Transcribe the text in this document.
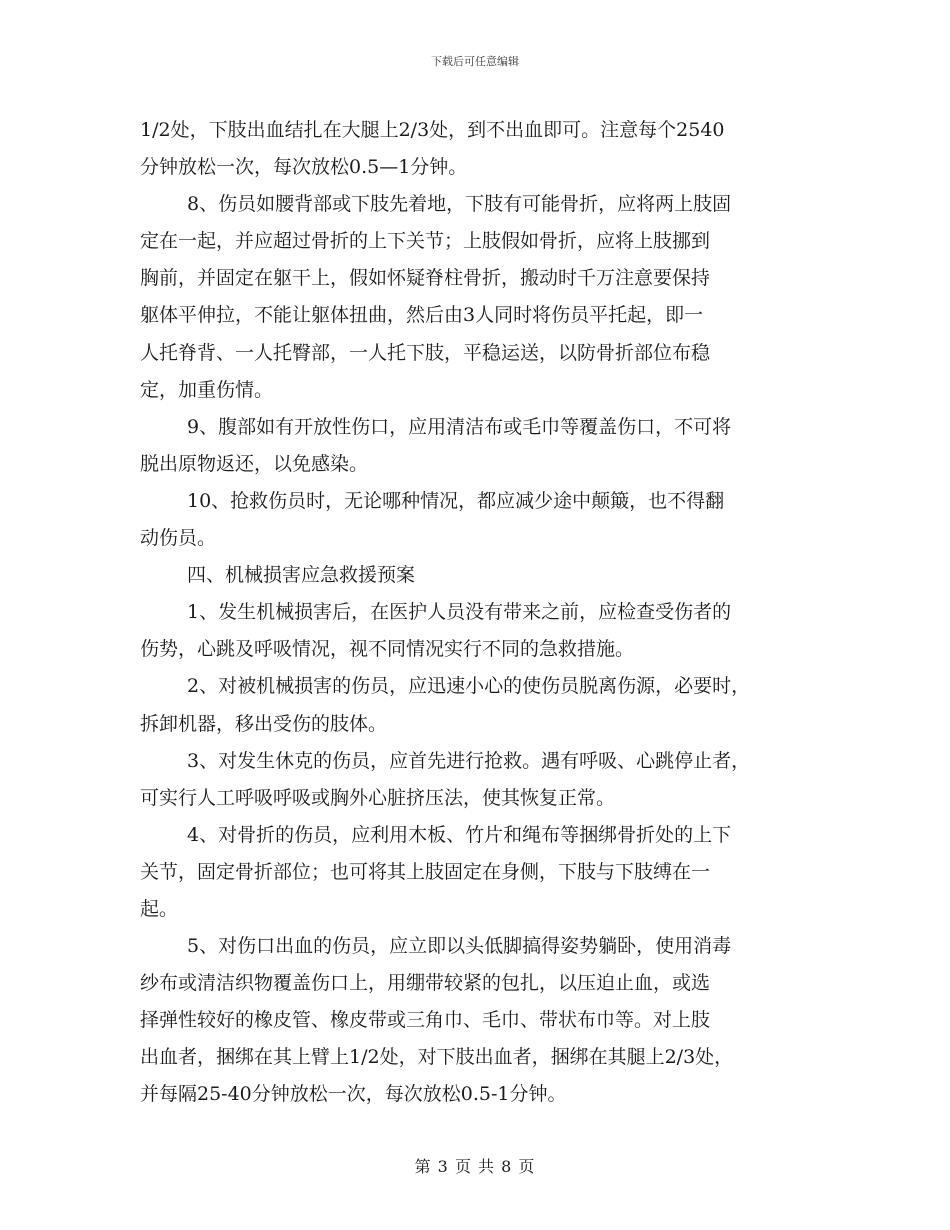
下载后可任意编辑
1/2处，下肢出血结扎在大腿上2/3处，到不出血即可。注意每个2540
分钟放松一次，每次放松0.5—1分钟。
8、伤员如腰背部或下肢先着地，下肢有可能骨折，应将两上肢固
定在一起，并应超过骨折的上下关节；上肢假如骨折，应将上肢挪到
胸前，并固定在躯干上，假如怀疑脊柱骨折，搬动时千万注意要保持
躯体平伸拉，不能让躯体扭曲，然后由3人同时将伤员平托起，即一
人托脊背、一人托臀部，一人托下肢，平稳运送，以防骨折部位布稳
定，加重伤情。
9、腹部如有开放性伤口，应用清洁布或毛巾等覆盖伤口，不可将
脱出原物返还，以免感染。
10、抢救伤员时，无论哪种情况，都应减少途中颠簸，也不得翻
动伤员。
四、机械损害应急救援预案
1、发生机械损害后，在医护人员没有带来之前，应检查受伤者的
伤势，心跳及呼吸情况，视不同情况实行不同的急救措施。
2、对被机械损害的伤员，应迅速小心的使伤员脱离伤源，必要时，
拆卸机器，移出受伤的肢体。
3、对发生休克的伤员，应首先进行抢救。遇有呼吸、心跳停止者，
可实行人工呼吸呼吸或胸外心脏挤压法，使其恢复正常。
4、对骨折的伤员，应利用木板、竹片和绳布等捆绑骨折处的上下
关节，固定骨折部位；也可将其上肢固定在身侧，下肢与下肢缚在一
起。
5、对伤口出血的伤员，应立即以头低脚搞得姿势躺卧，使用消毒
纱布或清洁织物覆盖伤口上，用绷带较紧的包扎，以压迫止血，或选
择弹性较好的橡皮管、橡皮带或三角巾、毛巾、带状布巾等。对上肢
出血者，捆绑在其上臂上1/2处，对下肢出血者，捆绑在其腿上2/3处，
并每隔25-40分钟放松一次，每次放松0.5-1分钟。
第 3 页 共 8 页
